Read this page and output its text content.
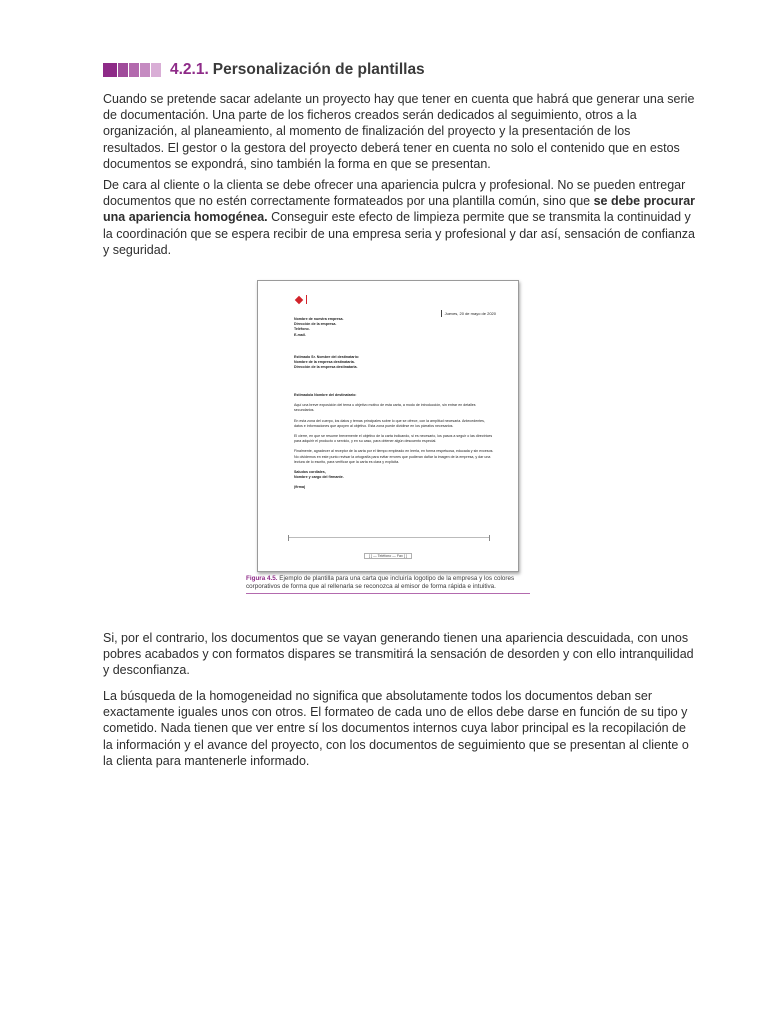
4.2.1. Personalización de plantillas

Cuando se pretende sacar adelante un proyecto hay que tener en cuenta que habrá que generar una serie de documentación. Una parte de los ficheros creados serán dedicados al seguimiento, otros a la organización, al planeamiento, al momento de finalización del proyecto y la presentación de los resultados. El gestor o la gestora del proyecto deberá tener en cuenta no solo el contenido que en estos documentos se expondrá, sino también la forma en que se presentan.

De cara al cliente o la clienta se debe ofrecer una apariencia pulcra y profesional. No se pueden entregar documentos que no estén correctamente formateados por una plantilla común, sino que se debe procurar una apariencia homogénea. Conseguir este efecto de limpieza permite que se transmita la continuidad y la coordinación que se espera recibir de una empresa seria y profesional y dar así, sensación de confianza y seguridad.

Jueves, 20 de mayo de 2020
Nombre de nuestra empresa.
Dirección de la empresa.
Teléfono.
E-mail.
Estimado Sr. Nombre del destinatario:
Nombre de la empresa destinataria.
Dirección de la empresa destinataria.
Estimado/a Nombre del destinatario:
Aquí una breve exposición del tema u objetivo motivo de esta carta, a modo de introducción, sin entrar en detalles secundarios.
En esta zona del cuerpo, los datos y temas principales sobre lo que se ofrece, con la amplitud necesaria. Antecedentes, datos e informaciones que apoyen al objetivo. Esta zona puede dividirse en los párrafos necesarios.
El cierre, en que se resume brevemente el objetivo de la carta indicando, si es necesario, los pasos a seguir o las directrices para adquirir el producto o servicio, y en su caso, para obtener algún descuento especial.
Finalmente, agradecer al receptor de la carta por el tiempo empleado en leerla, en forma respetuosa, educada y sin excesos. No olvidemos en este punto revisar la ortografía para evitar errores que pudieran dañar la imagen de la empresa, y dar una lectura de lo escrito, para verificar que la carta es clara y explícita.
Saludos cordiales,
Nombre y cargo del firmante.
(firma)
[ ] — Teléfono — Fax [ ]

Figura 4.5. Ejemplo de plantilla para una carta que incluiría logotipo de la empresa y los colores corporativos de forma que al rellenarla se reconozca al emisor de forma rápida e intuitiva.

Si, por el contrario, los documentos que se vayan generando tienen una apariencia descuidada, con unos pobres acabados y con formatos dispares se transmitirá la sensación de desorden y con ello intranquilidad y desconfianza.

La búsqueda de la homogeneidad no significa que absolutamente todos los documentos deban ser exactamente iguales unos con otros. El formateo de cada uno de ellos debe darse en función de su tipo y cometido. Nada tienen que ver entre sí los documentos internos cuya labor principal es la recopilación de la información y el avance del proyecto, con los documentos de seguimiento que se presentan al cliente o la clienta para mantenerle informado.
